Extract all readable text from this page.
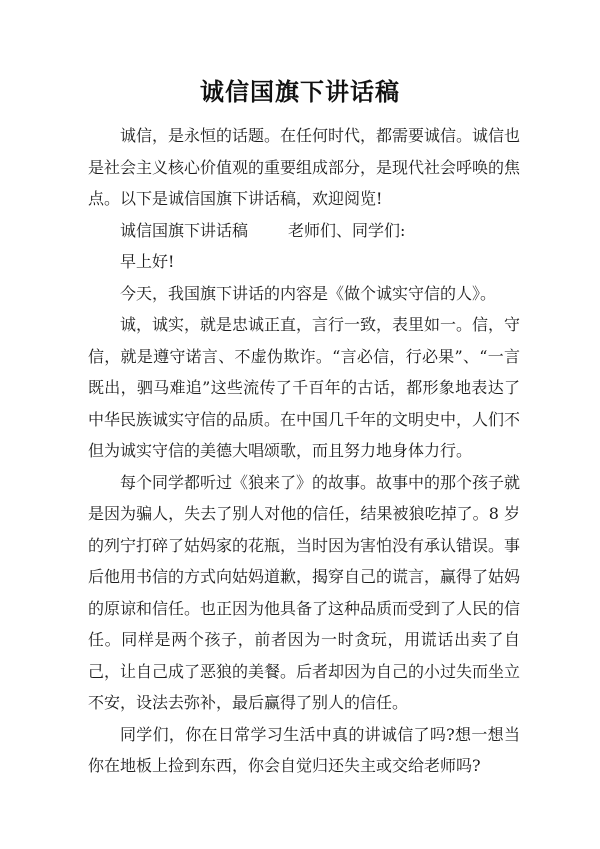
诚信国旗下讲话稿

诚信，是永恒的话题。在任何时代，都需要诚信。诚信也是社会主义核心价值观的重要组成部分，是现代社会呼唤的焦点。以下是诚信国旗下讲话稿，欢迎阅览!

诚信国旗下讲话稿	老师们、同学们:

早上好!

今天，我国旗下讲话的内容是《做个诚实守信的人》。

诚，诚实，就是忠诚正直，言行一致，表里如一。信，守信，就是遵守诺言、不虚伪欺诈。“言必信，行必果”、“一言既出，驷马难追”这些流传了千百年的古话，都形象地表达了中华民族诚实守信的品质。在中国几千年的文明史中，人们不但为诚实守信的美德大唱颂歌，而且努力地身体力行。

每个同学都听过《狼来了》的故事。故事中的那个孩子就是因为骗人，失去了别人对他的信任，结果被狼吃掉了。8 岁的列宁打碎了姑妈家的花瓶，当时因为害怕没有承认错误。事后他用书信的方式向姑妈道歉，揭穿自己的谎言，赢得了姑妈的原谅和信任。也正因为他具备了这种品质而受到了人民的信任。同样是两个孩子，前者因为一时贪玩，用谎话出卖了自己，让自己成了恶狼的美餐。后者却因为自己的小过失而坐立不安，设法去弥补，最后赢得了别人的信任。

同学们，你在日常学习生活中真的讲诚信了吗?想一想当你在地板上捡到东西，你会自觉归还失主或交给老师吗?
